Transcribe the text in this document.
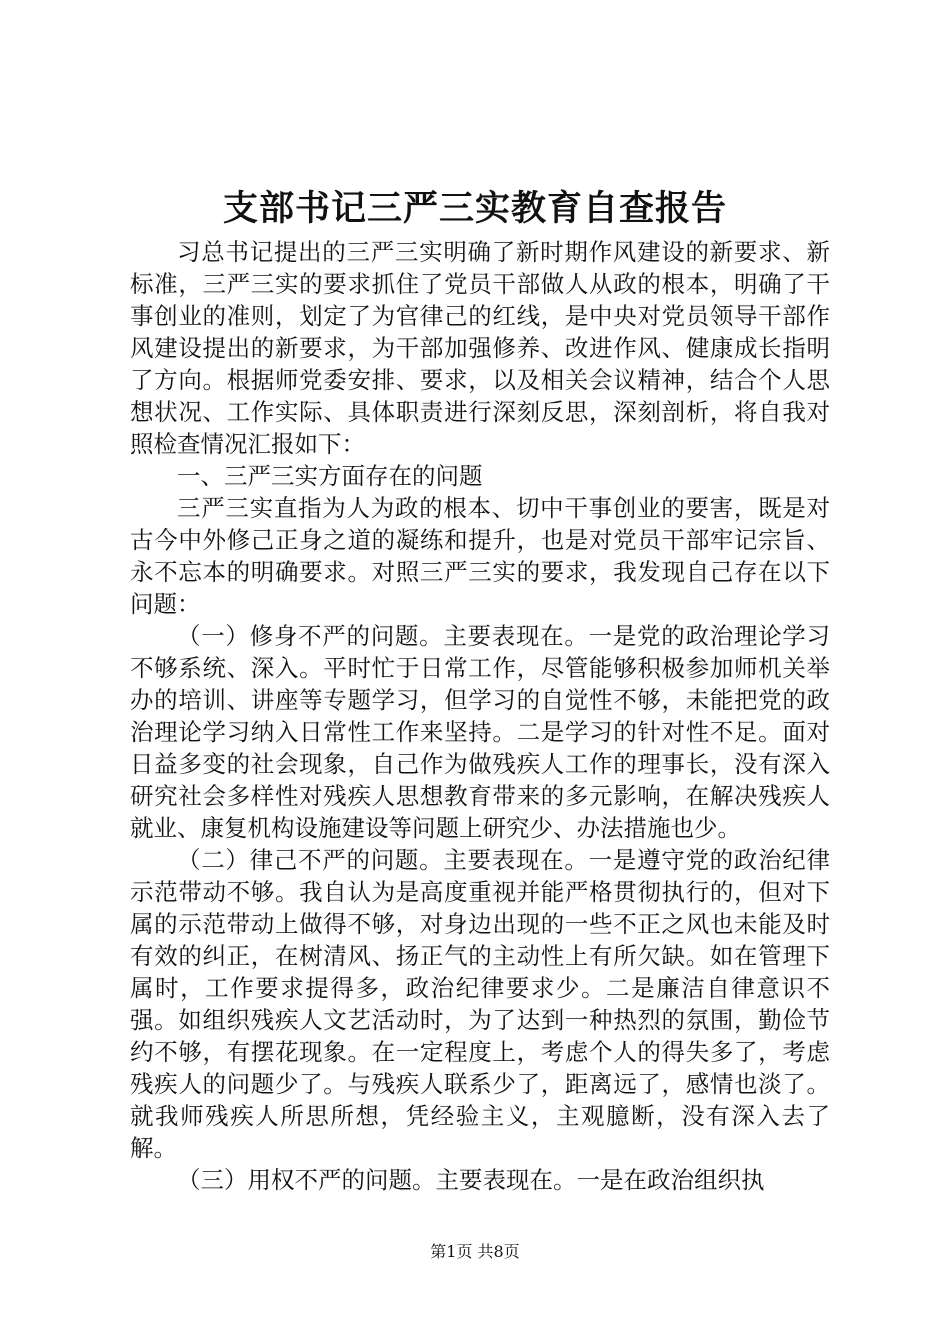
支部书记三严三实教育自查报告

习总书记提出的三严三实明确了新时期作风建设的新要求、新标准，三严三实的要求抓住了党员干部做人从政的根本，明确了干事创业的准则，划定了为官律己的红线，是中央对党员领导干部作风建设提出的新要求，为干部加强修养、改进作风、健康成长指明了方向。根据师党委安排、要求，以及相关会议精神，结合个人思想状况、工作实际、具体职责进行深刻反思，深刻剖析，将自我对照检查情况汇报如下：

一、三严三实方面存在的问题

三严三实直指为人为政的根本、切中干事创业的要害，既是对古今中外修己正身之道的凝练和提升，也是对党员干部牢记宗旨、永不忘本的明确要求。对照三严三实的要求，我发现自己存在以下问题：

（一）修身不严的问题。主要表现在。一是党的政治理论学习不够系统、深入。平时忙于日常工作，尽管能够积极参加师机关举办的培训、讲座等专题学习，但学习的自觉性不够，未能把党的政治理论学习纳入日常性工作来坚持。二是学习的针对性不足。面对日益多变的社会现象，自己作为做残疾人工作的理事长，没有深入研究社会多样性对残疾人思想教育带来的多元影响，在解决残疾人就业、康复机构设施建设等问题上研究少、办法措施也少。

（二）律己不严的问题。主要表现在。一是遵守党的政治纪律示范带动不够。我自认为是高度重视并能严格贯彻执行的，但对下属的示范带动上做得不够，对身边出现的一些不正之风也未能及时有效的纠正，在树清风、扬正气的主动性上有所欠缺。如在管理下属时，工作要求提得多，政治纪律要求少。二是廉洁自律意识不强。如组织残疾人文艺活动时，为了达到一种热烈的氛围，勤俭节约不够，有摆花现象。在一定程度上，考虑个人的得失多了，考虑残疾人的问题少了。与残疾人联系少了，距离远了，感情也淡了。就我师残疾人所思所想，凭经验主义，主观臆断，没有深入去了解。

（三）用权不严的问题。主要表现在。一是在政治组织执

第1页 共8页
